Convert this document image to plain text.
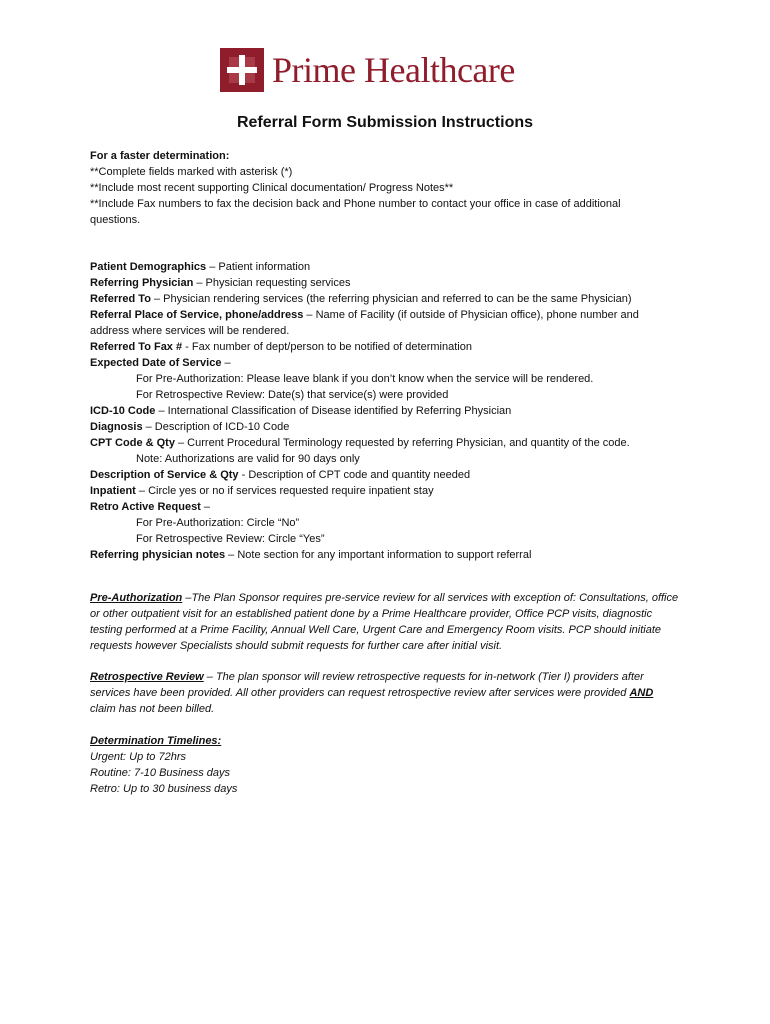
Prime Healthcare
Referral Form Submission Instructions

For a faster determination:

**Complete fields marked with asterisk (*)

**Include most recent supporting Clinical documentation/ Progress Notes**

**Include Fax numbers to fax the decision back and Phone number to contact your office in case of additional questions.

Patient Demographics – Patient information

Referring Physician – Physician requesting services

Referred To – Physician rendering services (the referring physician and referred to can be the same Physician)

Referral Place of Service, phone/address – Name of Facility (if outside of Physician office), phone number and address where services will be rendered.

Referred To Fax # - Fax number of dept/person to be notified of determination

Expected Date of Service –

For Pre-Authorization: Please leave blank if you don’t know when the service will be rendered.

For Retrospective Review: Date(s) that service(s) were provided

ICD-10 Code – International Classification of Disease identified by Referring Physician

Diagnosis – Description of ICD-10 Code

CPT Code & Qty – Current Procedural Terminology requested by referring Physician, and quantity of the code.

Note: Authorizations are valid for 90 days only

Description of Service & Qty - Description of CPT code and quantity needed

Inpatient – Circle yes or no if services requested require inpatient stay

Retro Active Request –

For Pre-Authorization: Circle “No”

For Retrospective Review: Circle “Yes”

Referring physician notes – Note section for any important information to support referral

Pre-Authorization –The Plan Sponsor requires pre-service review for all services with exception of: Consultations, office or other outpatient visit for an established patient done by a Prime Healthcare provider, Office PCP visits, diagnostic testing performed at a Prime Facility, Annual Well Care, Urgent Care and Emergency Room visits. PCP should initiate requests however Specialists should submit requests for further care after initial visit.

Retrospective Review – The plan sponsor will review retrospective requests for in-network (Tier I) providers after services have been provided. All other providers can request retrospective review after services were provided AND claim has not been billed.

Determination Timelines:

Urgent: Up to 72hrs

Routine: 7-10 Business days

Retro: Up to 30 business days
